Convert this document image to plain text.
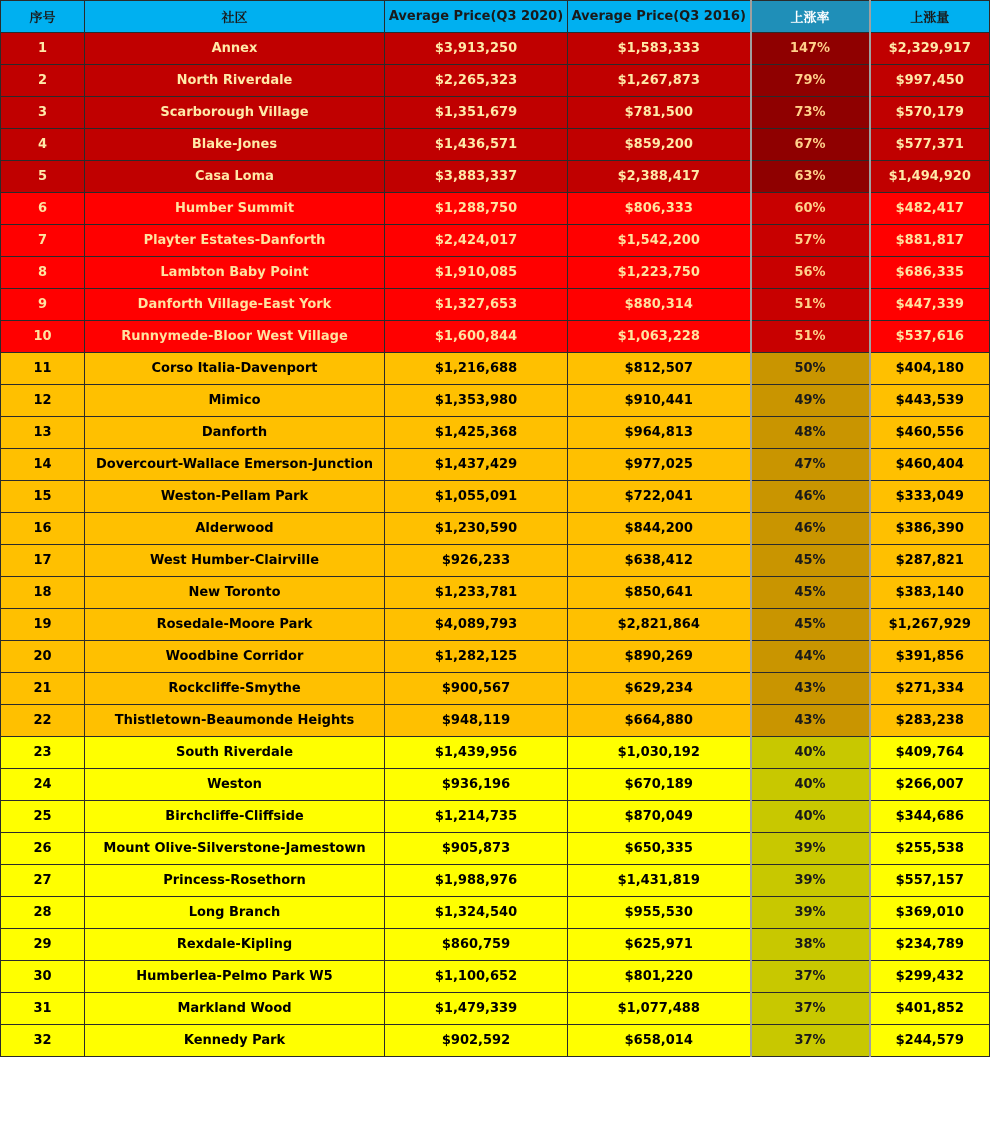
序号	社区	Average Price(Q3 2020)	Average Price(Q3 2016)	上涨率	上涨量
1	Annex	$3,913,250	$1,583,333	147%	$2,329,917
2	North Riverdale	$2,265,323	$1,267,873	79%	$997,450
3	Scarborough Village	$1,351,679	$781,500	73%	$570,179
4	Blake-Jones	$1,436,571	$859,200	67%	$577,371
5	Casa Loma	$3,883,337	$2,388,417	63%	$1,494,920
6	Humber Summit	$1,288,750	$806,333	60%	$482,417
7	Playter Estates-Danforth	$2,424,017	$1,542,200	57%	$881,817
8	Lambton Baby Point	$1,910,085	$1,223,750	56%	$686,335
9	Danforth Village-East York	$1,327,653	$880,314	51%	$447,339
10	Runnymede-Bloor West Village	$1,600,844	$1,063,228	51%	$537,616
11	Corso Italia-Davenport	$1,216,688	$812,507	50%	$404,180
12	Mimico	$1,353,980	$910,441	49%	$443,539
13	Danforth	$1,425,368	$964,813	48%	$460,556
14	Dovercourt-Wallace Emerson-Junction	$1,437,429	$977,025	47%	$460,404
15	Weston-Pellam Park	$1,055,091	$722,041	46%	$333,049
16	Alderwood	$1,230,590	$844,200	46%	$386,390
17	West Humber-Clairville	$926,233	$638,412	45%	$287,821
18	New Toronto	$1,233,781	$850,641	45%	$383,140
19	Rosedale-Moore Park	$4,089,793	$2,821,864	45%	$1,267,929
20	Woodbine Corridor	$1,282,125	$890,269	44%	$391,856
21	Rockcliffe-Smythe	$900,567	$629,234	43%	$271,334
22	Thistletown-Beaumonde Heights	$948,119	$664,880	43%	$283,238
23	South Riverdale	$1,439,956	$1,030,192	40%	$409,764
24	Weston	$936,196	$670,189	40%	$266,007
25	Birchcliffe-Cliffside	$1,214,735	$870,049	40%	$344,686
26	Mount Olive-Silverstone-Jamestown	$905,873	$650,335	39%	$255,538
27	Princess-Rosethorn	$1,988,976	$1,431,819	39%	$557,157
28	Long Branch	$1,324,540	$955,530	39%	$369,010
29	Rexdale-Kipling	$860,759	$625,971	38%	$234,789
30	Humberlea-Pelmo Park W5	$1,100,652	$801,220	37%	$299,432
31	Markland Wood	$1,479,339	$1,077,488	37%	$401,852
32	Kennedy Park	$902,592	$658,014	37%	$244,579
